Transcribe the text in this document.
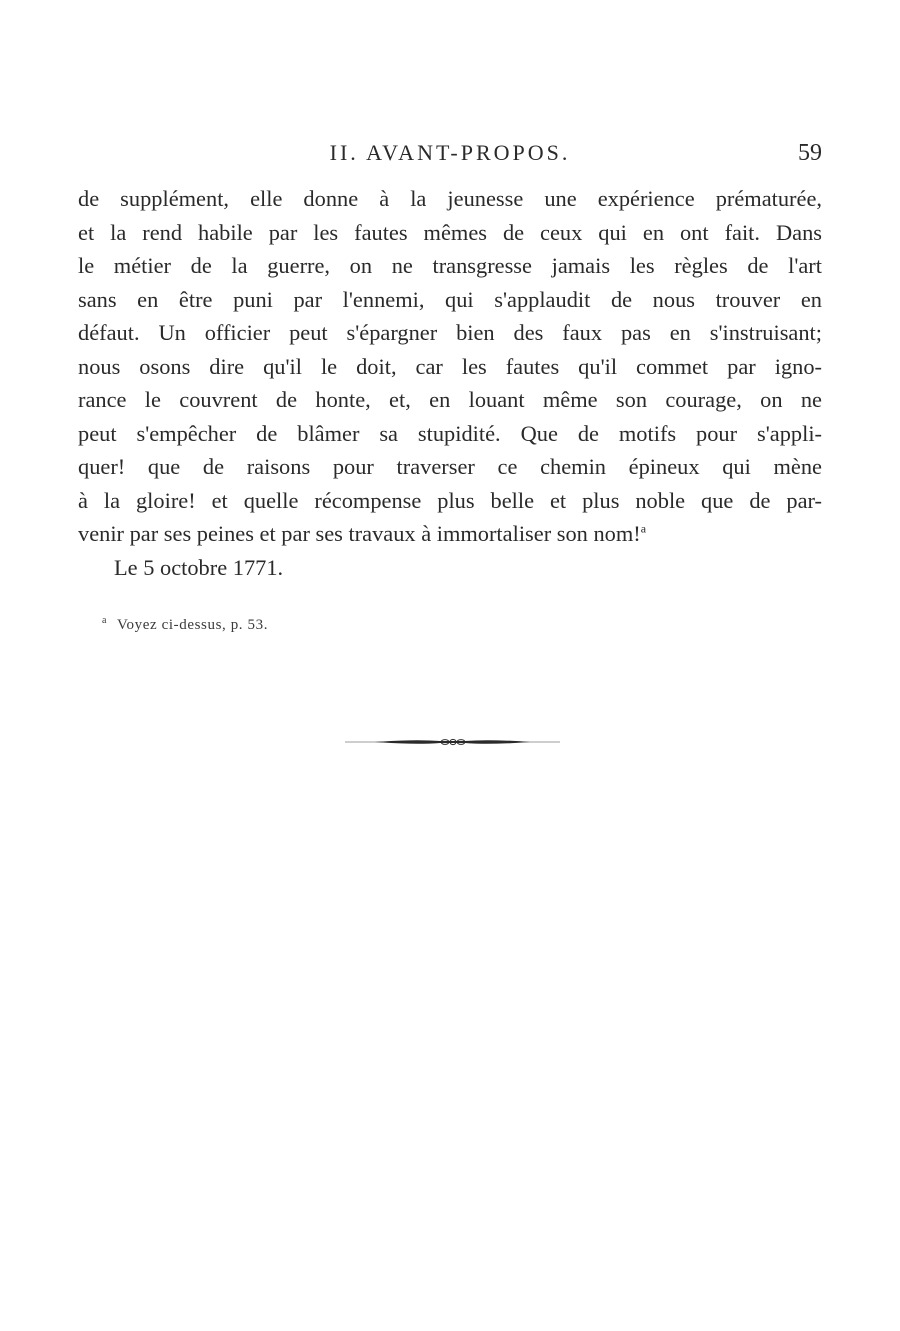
II. AVANT-PROPOS.	59
de supplément, elle donne à la jeunesse une expérience prématurée,
et la rend habile par les fautes mêmes de ceux qui en ont fait. Dans
le métier de la guerre, on ne transgresse jamais les règles de l'art
sans en être puni par l'ennemi, qui s'applaudit de nous trouver en
défaut. Un officier peut s'épargner bien des faux pas en s'instruisant;
nous osons dire qu'il le doit, car les fautes qu'il commet par igno-
rance le couvrent de honte, et, en louant même son courage, on ne
peut s'empêcher de blâmer sa stupidité. Que de motifs pour s'appli-
quer! que de raisons pour traverser ce chemin épineux qui mène
à la gloire! et quelle récompense plus belle et plus noble que de par-
venir par ses peines et par ses travaux à immortaliser son nom!$^a$
Le 5 octobre 1771.
$^a$ Voyez ci-dessus, p. 53.
